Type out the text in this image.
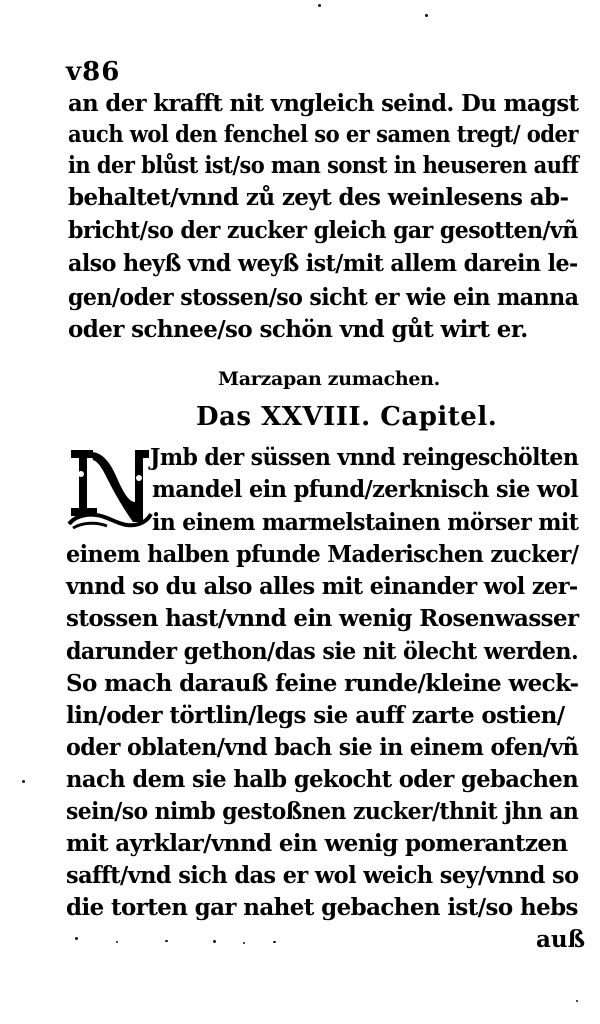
v86
an der krafft nit vngleich seind. Du magst
auch wol den fenchel so er samen tregt/ oder
in der blůst ist/so man sonst in heuseren auff
behaltet/vnnd zů zeyt des weinlesens ab-
bricht/so der zucker gleich gar gesotten/vñ
also heyß vnd weyß ist/mit allem darein le-
gen/oder stossen/so sicht er wie ein manna
oder schnee/so schön vnd gůt wirt er.
Marzapan zumachen.
Das XXVIII. Capitel.
Jmb der süssen vnnd reingeschölten
mandel ein pfund/zerknisch sie wol
in einem marmelstainen mörser mit
einem halben pfunde Maderischen zucker/
vnnd so du also alles mit einander wol zer-
stossen hast/vnnd ein wenig Rosenwasser
darunder gethon/das sie nit ölecht werden.
So mach darauß feine runde/kleine weck-
lin/oder törtlin/legs sie auff zarte ostien/
oder oblaten/vnd bach sie in einem ofen/vñ
nach dem sie halb gekocht oder gebachen
sein/so nimb gestoßnen zucker/thnit jhn an
mit ayrklar/vnnd ein wenig pomerantzen
safft/vnd sich das er wol weich sey/vnnd so
die torten gar nahet gebachen ist/so hebs
auß
